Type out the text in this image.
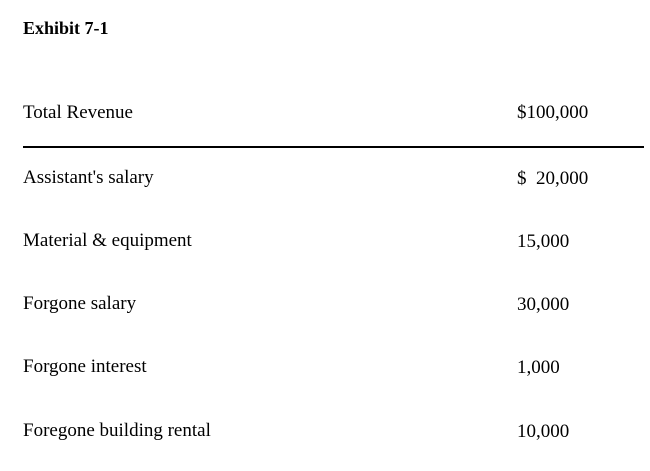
Exhibit 7-1
Total Revenue	$100,000
Assistant's salary	$  20,000
Material & equipment	15,000
Forgone salary	30,000
Forgone interest	1,000
Foregone building rental	10,000
